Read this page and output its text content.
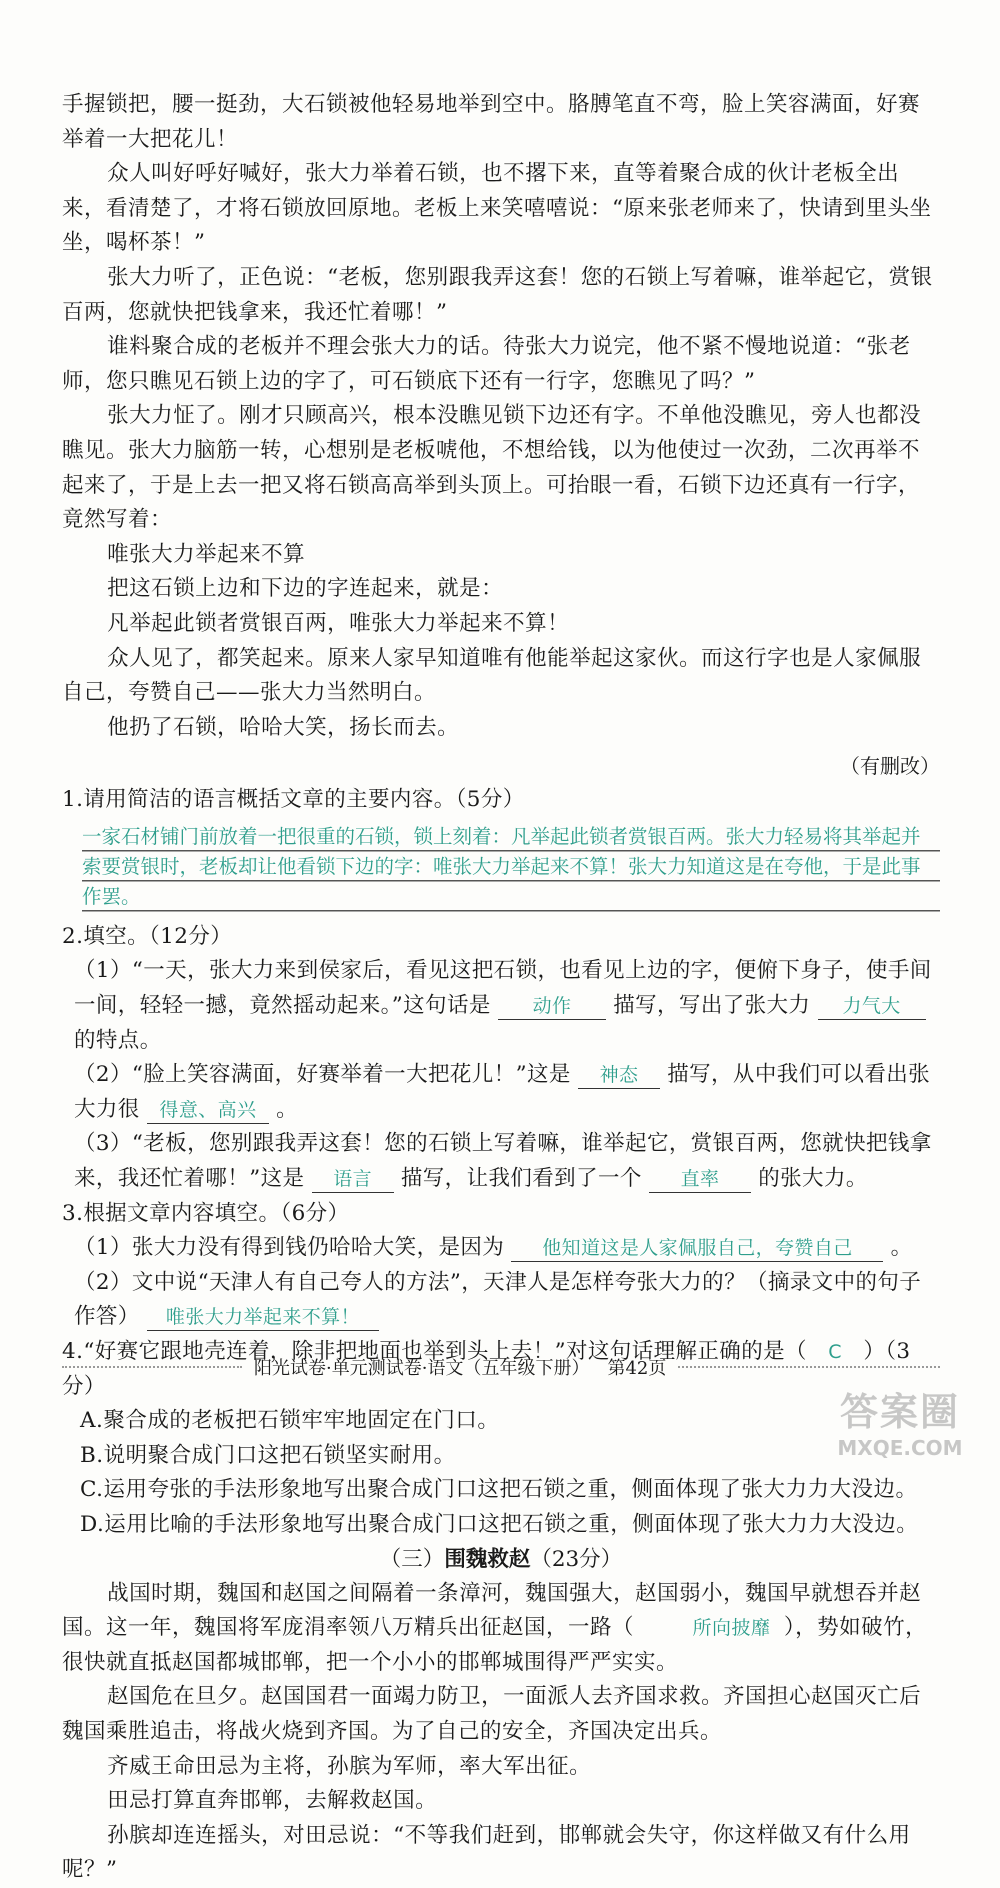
手握锁把，腰一挺劲，大石锁被他轻易地举到空中。胳膊笔直不弯，脸上笑容满面，好赛举着一大把花儿！

众人叫好呼好喊好，张大力举着石锁，也不撂下来，直等着聚合成的伙计老板全出来，看清楚了，才将石锁放回原地。老板上来笑嘻嘻说：“原来张老师来了，快请到里头坐坐，喝杯茶！”

张大力听了，正色说：“老板，您别跟我弄这套！您的石锁上写着嘛，谁举起它，赏银百两，您就快把钱拿来，我还忙着哪！”

谁料聚合成的老板并不理会张大力的话。待张大力说完，他不紧不慢地说道：“张老师，您只瞧见石锁上边的字了，可石锁底下还有一行字，您瞧见了吗？”

张大力怔了。刚才只顾高兴，根本没瞧见锁下边还有字。不单他没瞧见，旁人也都没瞧见。张大力脑筋一转，心想别是老板唬他，不想给钱，以为他使过一次劲，二次再举不起来了，于是上去一把又将石锁高高举到头顶上。可抬眼一看，石锁下边还真有一行字，竟然写着：

唯张大力举起来不算

把这石锁上边和下边的字连起来，就是：

凡举起此锁者赏银百两，唯张大力举起来不算！

众人见了，都笑起来。原来人家早知道唯有他能举起这家伙。而这行字也是人家佩服自己，夸赞自己——张大力当然明白。

他扔了石锁，哈哈大笑，扬长而去。

（有删改）

1.请用简洁的语言概括文章的主要内容。（5分）

一家石材铺门前放着一把很重的石锁，锁上刻着：凡举起此锁者赏银百两。张大力轻易将其举起并索要赏银时，老板却让他看锁下边的字：唯张大力举起来不算！张大力知道这是在夸他，于是此事作罢。

2.填空。（12分）

（1）“一天，张大力来到侯家后，看见这把石锁，也看见上边的字，便俯下身子，使手间一间，轻轻一撼，竟然摇动起来。”这句话是 动作 描写，写出了张大力 力气大 的特点。

（2）“脸上笑容满面，好赛举着一大把花儿！”这是 神态 描写，从中我们可以看出张大力很 得意、高兴 。

（3）“老板，您别跟我弄这套！您的石锁上写着嘛，谁举起它，赏银百两，您就快把钱拿来，我还忙着哪！”这是 语言 描写，让我们看到了一个 直率 的张大力。

3.根据文章内容填空。（6分）

（1）张大力没有得到钱仍哈哈大笑，是因为 他知道这是人家佩服自己，夸赞自己 。

（2）文中说“天津人有自己夸人的方法”，天津人是怎样夸张大力的？（摘录文中的句子作答） 唯张大力举起来不算！

4.“好赛它跟地壳连着，除非把地面也举到头上去！”对这句话理解正确的是（ C ）（3分）

A.聚合成的老板把石锁牢牢地固定在门口。

B.说明聚合成门口这把石锁坚实耐用。

C.运用夸张的手法形象地写出聚合成门口这把石锁之重，侧面体现了张大力力大没边。

D.运用比喻的手法形象地写出聚合成门口这把石锁之重，侧面体现了张大力力大没边。

（三）围魏救赵（23分）

战国时期，魏国和赵国之间隔着一条漳河，魏国强大，赵国弱小，魏国早就想吞并赵国。这一年，魏国将军庞涓率领八万精兵出征赵国，一路（	所向披靡 ），势如破竹，很快就直抵赵国都城邯郸，把一个小小的邯郸城围得严严实实。

赵国危在旦夕。赵国国君一面竭力防卫，一面派人去齐国求救。齐国担心赵国灭亡后魏国乘胜追击，将战火烧到齐国。为了自己的安全，齐国决定出兵。

齐威王命田忌为主将，孙膑为军师，率大军出征。

田忌打算直奔邯郸，去解救赵国。

孙膑却连连摇头，对田忌说：“不等我们赶到，邯郸就会失守，你这样做又有什么用呢？”

阳光试卷·单元测试卷·语文（五年级下册） 第42页
答案圈
MXQE.COM
